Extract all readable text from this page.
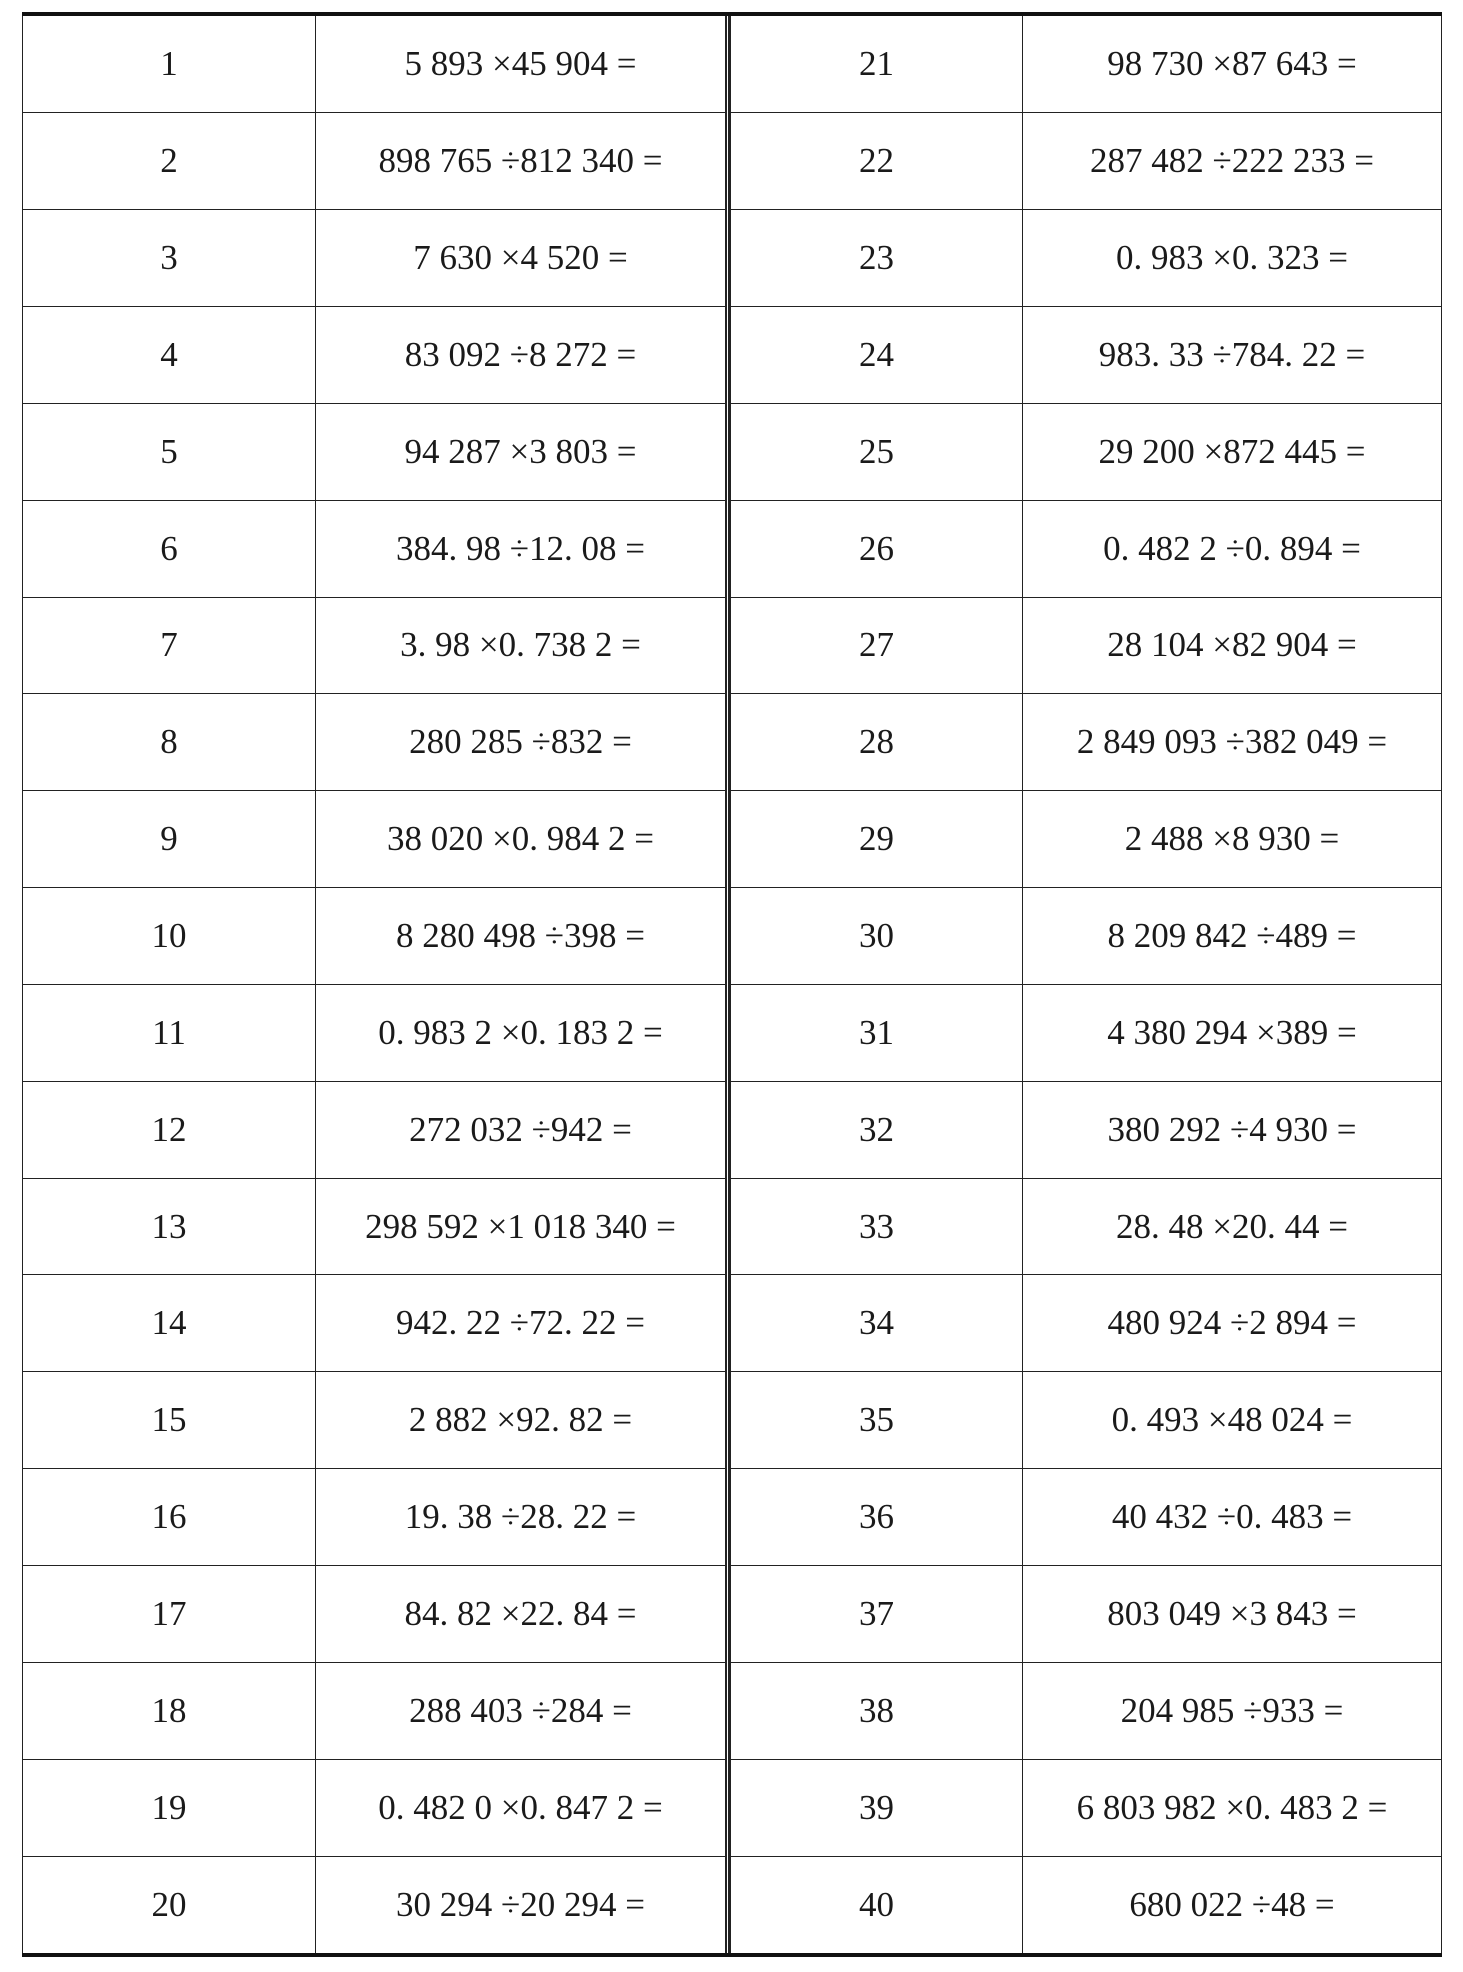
1	5 893 ×45 904 =
2	898 765 ÷812 340 =
3	7 630 ×4 520 =
4	83 092 ÷8 272 =
5	94 287 ×3 803 =
6	384. 98 ÷12. 08 =
7	3. 98 ×0. 738 2 =
8	280 285 ÷832 =
9	38 020 ×0. 984 2 =
10	8 280 498 ÷398 =
11	0. 983 2 ×0. 183 2 =
12	272 032 ÷942 =
13	298 592 ×1 018 340 =
14	942. 22 ÷72. 22 =
15	2 882 ×92. 82 =
16	19. 38 ÷28. 22 =
17	84. 82 ×22. 84 =
18	288 403 ÷284 =
19	0. 482 0 ×0. 847 2 =
20	30 294 ÷20 294 =
21	98 730 ×87 643 =
22	287 482 ÷222 233 =
23	0. 983 ×0. 323 =
24	983. 33 ÷784. 22 =
25	29 200 ×872 445 =
26	0. 482 2 ÷0. 894 =
27	28 104 ×82 904 =
28	2 849 093 ÷382 049 =
29	2 488 ×8 930 =
30	8 209 842 ÷489 =
31	4 380 294 ×389 =
32	380 292 ÷4 930 =
33	28. 48 ×20. 44 =
34	480 924 ÷2 894 =
35	0. 493 ×48 024 =
36	40 432 ÷0. 483 =
37	803 049 ×3 843 =
38	204 985 ÷933 =
39	6 803 982 ×0. 483 2 =
40	680 022 ÷48 =
